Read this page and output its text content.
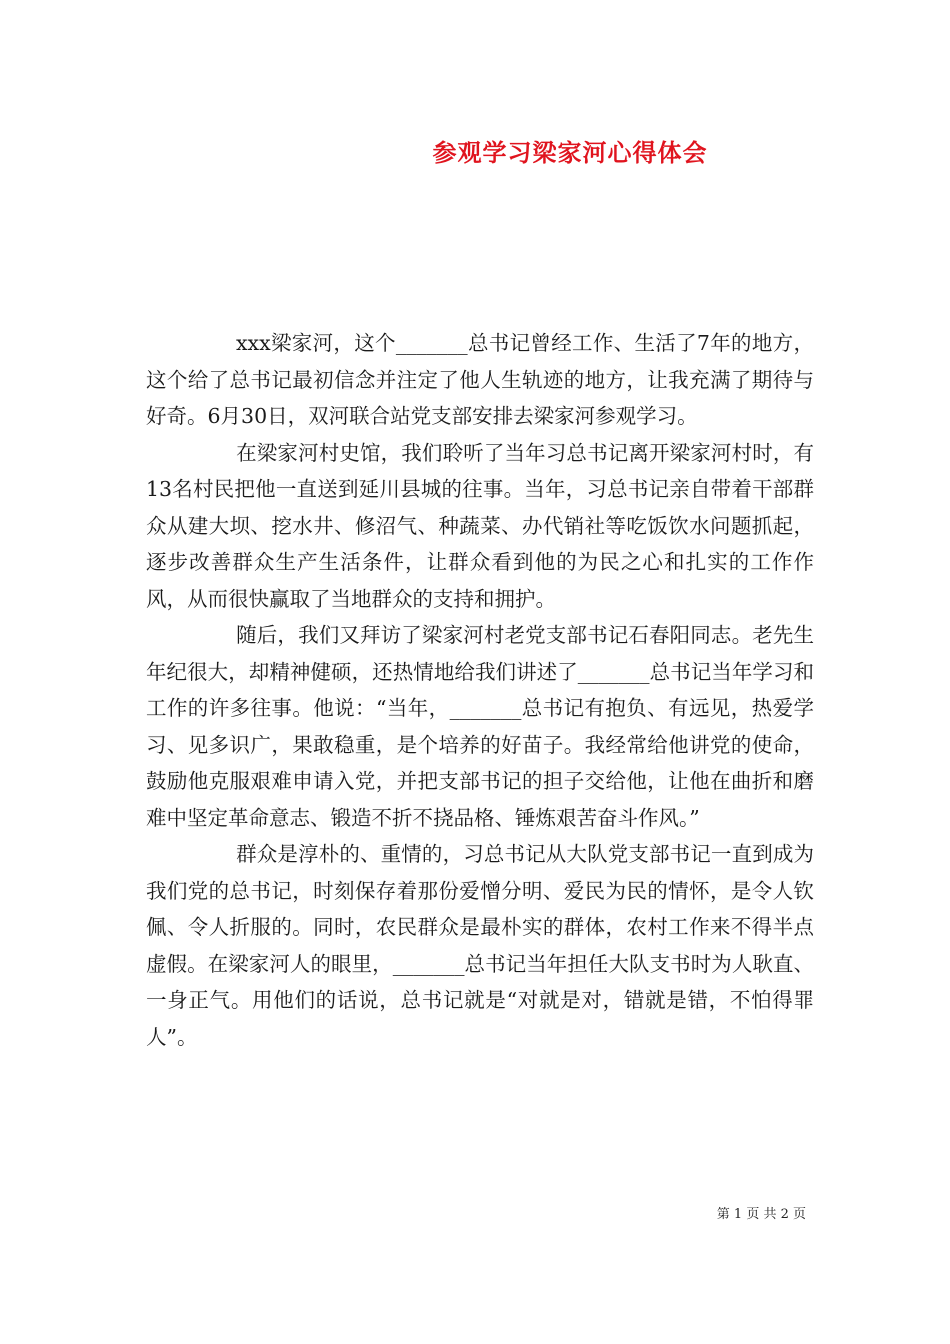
参观学习梁家河心得体会

xxx梁家河，这个_______总书记曾经工作、生活了7年的地方，这个给了总书记最初信念并注定了他人生轨迹的地方，让我充满了期待与好奇。6月30日，双河联合站党支部安排去梁家河参观学习。

在梁家河村史馆，我们聆听了当年习总书记离开梁家河村时，有13名村民把他一直送到延川县城的往事。当年，习总书记亲自带着干部群众从建大坝、挖水井、修沼气、种蔬菜、办代销社等吃饭饮水问题抓起，逐步改善群众生产生活条件，让群众看到他的为民之心和扎实的工作作风，从而很快赢取了当地群众的支持和拥护。

随后，我们又拜访了梁家河村老党支部书记石春阳同志。老先生年纪很大，却精神健硕，还热情地给我们讲述了_______总书记当年学习和工作的许多往事。他说：“当年，_______总书记有抱负、有远见，热爱学习、见多识广，果敢稳重，是个培养的好苗子。我经常给他讲党的使命，鼓励他克服艰难申请入党，并把支部书记的担子交给他，让他在曲折和磨难中坚定革命意志、锻造不折不挠品格、锤炼艰苦奋斗作风。”

群众是淳朴的、重情的，习总书记从大队党支部书记一直到成为我们党的总书记，时刻保存着那份爱憎分明、爱民为民的情怀，是令人钦佩、令人折服的。同时，农民群众是最朴实的群体，农村工作来不得半点虚假。在梁家河人的眼里，_______总书记当年担任大队支书时为人耿直、一身正气。用他们的话说，总书记就是“对就是对，错就是错，不怕得罪人”。

第 1 页 共 2 页
